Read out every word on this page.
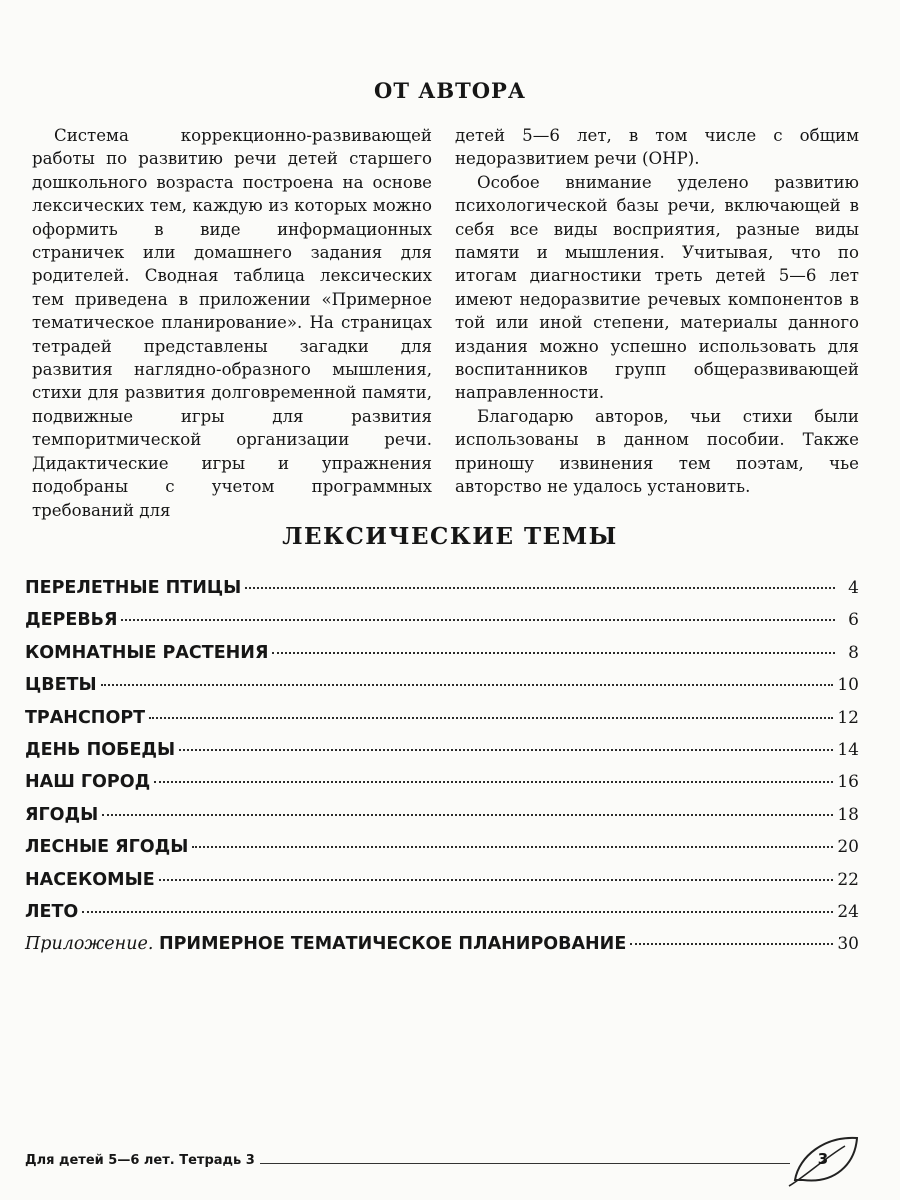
ОТ АВТОРА

Система коррекционно-развивающей работы по развитию речи детей старшего дошкольного возраста построена на основе лексических тем, каждую из которых можно оформить в виде информационных страничек или домашнего задания для родителей. Сводная таблица лексических тем приведена в приложении «Примерное тематическое планирование». На страницах тетрадей представлены загадки для развития наглядно-образного мышления, стихи для развития долговременной памяти, подвижные игры для развития темпоритмической организации речи. Дидактические игры и упражнения подобраны с учетом программных требований для

детей 5—6 лет, в том числе с общим недоразвитием речи (ОНР).

Особое внимание уделено развитию психологической базы речи, включающей в себя все виды восприятия, разные виды памяти и мышления. Учитывая, что по итогам диагностики треть детей 5—6 лет имеют недоразвитие речевых компонентов в той или иной степени, материалы данного издания можно успешно использовать для воспитанников групп общеразвивающей направленности.

Благодарю авторов, чьи стихи были использованы в данном пособии. Также приношу извинения тем поэтам, чье авторство не удалось установить.

ЛЕКСИЧЕСКИЕ ТЕМЫ
ПЕРЕЛЕТНЫЕ ПТИЦЫ	4
ДЕРЕВЬЯ	6
КОМНАТНЫЕ РАСТЕНИЯ	8
ЦВЕТЫ	10
ТРАНСПОРТ	12
ДЕНЬ ПОБЕДЫ	14
НАШ ГОРОД	16
ЯГОДЫ	18
ЛЕСНЫЕ ЯГОДЫ	20
НАСЕКОМЫЕ	22
ЛЕТО	24
Приложение. ПРИМЕРНОЕ ТЕМАТИЧЕСКОЕ ПЛАНИРОВАНИЕ	30
Для детей 5—6 лет. Тетрадь 3	3
